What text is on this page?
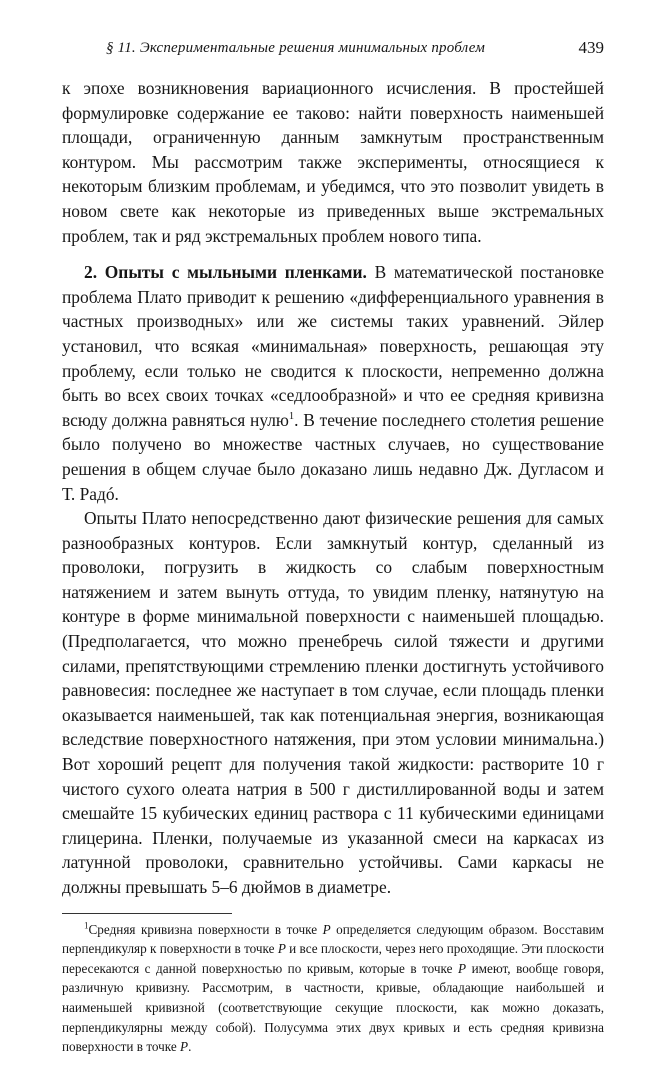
§ 11. Экспериментальные решения минимальных проблем	439

к эпохе возникновения вариационного исчисления. В простейшей формулировке содержание ее таково: найти поверхность наименьшей площади, ограниченную данным замкнутым пространственным контуром. Мы рассмотрим также эксперименты, относящиеся к некоторым близким проблемам, и убедимся, что это позволит увидеть в новом свете как некоторые из приведенных выше экстремальных проблем, так и ряд экстремальных проблем нового типа.

2. Опыты с мыльными пленками. В математической постановке проблема Плато приводит к решению «дифференциального уравнения в частных производных» или же системы таких уравнений. Эйлер установил, что всякая «минимальная» поверхность, решающая эту проблему, если только не сводится к плоскости, непременно должна быть во всех своих точках «седлообразной» и что ее средняя кривизна всюду должна равняться нулю$^1$. В течение последнего столетия решение было получено во множестве частных случаев, но существование решения в общем случае было доказано лишь недавно Дж. Дугласом и Т. Радó.

Опыты Плато непосредственно дают физические решения для самых разнообразных контуров. Если замкнутый контур, сделанный из проволоки, погрузить в жидкость со слабым поверхностным натяжением и затем вынуть оттуда, то увидим пленку, натянутую на контуре в форме минимальной поверхности с наименьшей площадью. (Предполагается, что можно пренебречь силой тяжести и другими силами, препятствующими стремлению пленки достигнуть устойчивого равновесия: последнее же наступает в том случае, если площадь пленки оказывается наименьшей, так как потенциальная энергия, возникающая вследствие поверхностного натяжения, при этом условии минимальна.) Вот хороший рецепт для получения такой жидкости: растворите 10 г чистого сухого олеата натрия в 500 г дистиллированной воды и затем смешайте 15 кубических единиц раствора с 11 кубическими единицами глицерина. Пленки, получаемые из указанной смеси на каркасах из латунной проволоки, сравнительно устойчивы. Сами каркасы не должны превышать 5–6 дюймов в диаметре.

$^1$Средняя кривизна поверхности в точке P определяется следующим образом. Восставим перпендикуляр к поверхности в точке P и все плоскости, через него проходящие. Эти плоскости пересекаются с данной поверхностью по кривым, которые в точке P имеют, вообще говоря, различную кривизну. Рассмотрим, в частности, кривые, обладающие наибольшей и наименьшей кривизной (соответствующие секущие плоскости, как можно доказать, перпендикулярны между собой). Полусумма этих двух кривых и есть средняя кривизна поверхности в точке P.
